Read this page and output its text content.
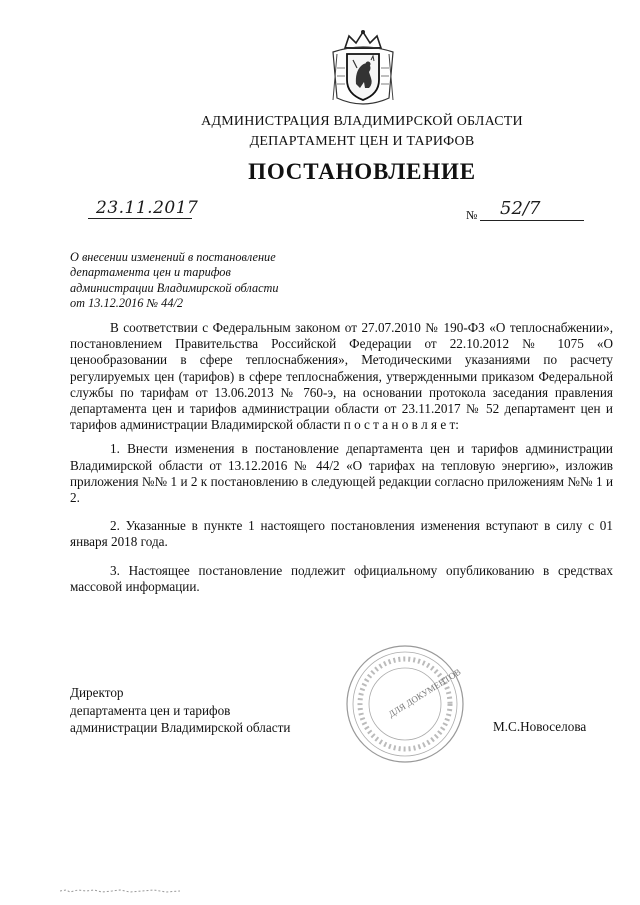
АДМИНИСТРАЦИЯ ВЛАДИМИРСКОЙ ОБЛАСТИ
ДЕПАРТАМЕНТ ЦЕН И ТАРИФОВ
ПОСТАНОВЛЕНИЕ
23.11.2017	№ 52/7
О внесении изменений в постановление
департамента цен и тарифов
администрации Владимирской области
от 13.12.2016 № 44/2

В соответствии с Федеральным законом от 27.07.2010 № 190-ФЗ «О теплоснабжении», постановлением Правительства Российской Федерации от 22.10.2012 № 1075 «О ценообразовании в сфере теплоснабжения», Методическими указаниями по расчету регулируемых цен (тарифов) в сфере теплоснабжения, утвержденными приказом Федеральной службы по тарифам от 13.06.2013 № 760-э, на основании протокола заседания правления департамента цен и тарифов администрации области от 23.11.2017 № 52 департамент цен и тарифов администрации Владимирской области п о с т а н о в л я е т:

1. Внести изменения в постановление департамента цен и тарифов администрации Владимирской области от 13.12.2016 № 44/2 «О тарифах на тепловую энергию», изложив приложения №№ 1 и 2 к постановлению в следующей редакции согласно приложениям №№ 1 и 2.

2. Указанные в пункте 1 настоящего постановления изменения вступают в силу с 01 января 2018 года.

3. Настоящее постановление подлежит официальному опубликованию в средствах массовой информации.

ДЛЯ ДОКУМЕНТОВ
Директор
департамента цен и тарифов
администрации Владимирской области	М.С.Новоселова
